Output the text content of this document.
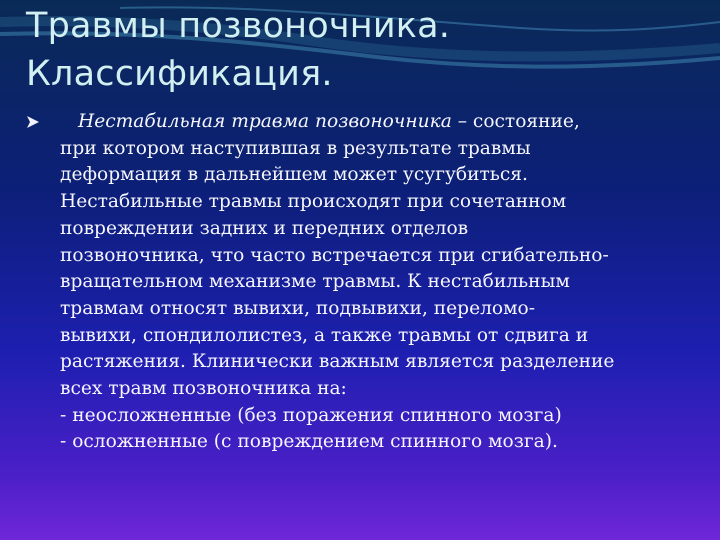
Травмы позвоночника.
Классификация.
Нестабильная травма позвоночника – состояние,
при котором наступившая в результате травмы
деформация в дальнейшем может усугубиться.
Нестабильные травмы происходят при сочетанном
повреждении задних и передних отделов
позвоночника, что часто встречается при сгибательно-
вращательном механизме травмы. К нестабильным
травмам относят вывихи, подвывихи, переломо-
вывихи, спондилолистез, а также травмы от сдвига и
растяжения. Клинически важным является разделение
всех травм позвоночника на:
- неосложненные (без поражения спинного мозга)
- осложненные (с повреждением спинного мозга).
